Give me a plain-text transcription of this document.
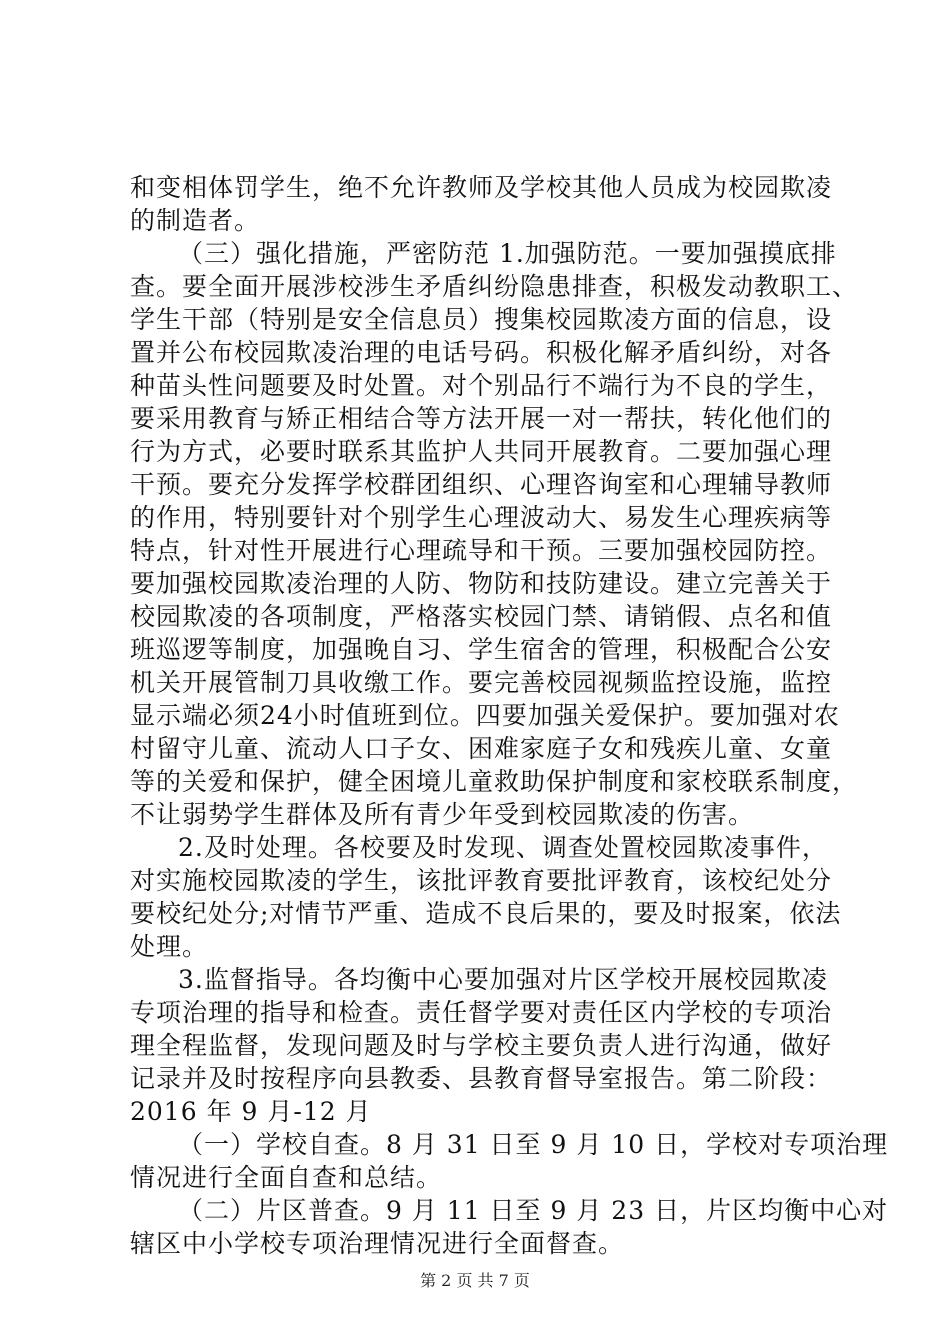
和变相体罚学生，绝不允许教师及学校其他人员成为校园欺凌
的制造者。
（三）强化措施，严密防范 1.加强防范。一要加强摸底排
查。要全面开展涉校涉生矛盾纠纷隐患排查，积极发动教职工、
学生干部（特别是安全信息员）搜集校园欺凌方面的信息，设
置并公布校园欺凌治理的电话号码。积极化解矛盾纠纷，对各
种苗头性问题要及时处置。对个别品行不端行为不良的学生，
要采用教育与矫正相结合等方法开展一对一帮扶，转化他们的
行为方式，必要时联系其监护人共同开展教育。二要加强心理
干预。要充分发挥学校群团组织、心理咨询室和心理辅导教师
的作用，特别要针对个别学生心理波动大、易发生心理疾病等
特点，针对性开展进行心理疏导和干预。三要加强校园防控。
要加强校园欺凌治理的人防、物防和技防建设。建立完善关于
校园欺凌的各项制度，严格落实校园门禁、请销假、点名和值
班巡逻等制度，加强晚自习、学生宿舍的管理，积极配合公安
机关开展管制刀具收缴工作。要完善校园视频监控设施，监控
显示端必须24小时值班到位。四要加强关爱保护。要加强对农
村留守儿童、流动人口子女、困难家庭子女和残疾儿童、女童
等的关爱和保护，健全困境儿童救助保护制度和家校联系制度，
不让弱势学生群体及所有青少年受到校园欺凌的伤害。
2.及时处理。各校要及时发现、调查处置校园欺凌事件，
对实施校园欺凌的学生，该批评教育要批评教育，该校纪处分
要校纪处分;对情节严重、造成不良后果的，要及时报案，依法
处理。
3.监督指导。各均衡中心要加强对片区学校开展校园欺凌
专项治理的指导和检查。责任督学要对责任区内学校的专项治
理全程监督，发现问题及时与学校主要负责人进行沟通，做好
记录并及时按程序向县教委、县教育督导室报告。第二阶段：
2016 年 9 月-12 月
（一）学校自查。8 月 31 日至 9 月 10 日，学校对专项治理
情况进行全面自查和总结。
（二）片区普查。9 月 11 日至 9 月 23 日，片区均衡中心对
辖区中小学校专项治理情况进行全面督查。
第 2 页 共 7 页
